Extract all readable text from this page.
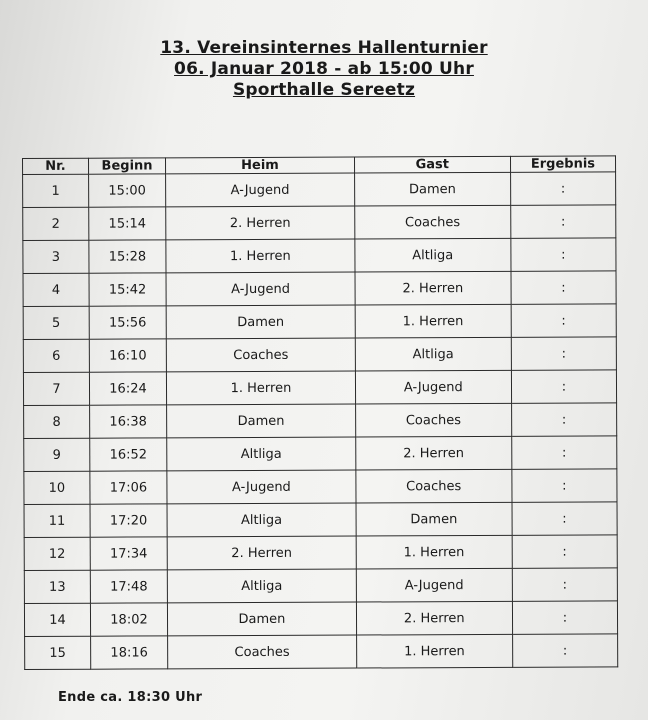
13. Vereinsinternes Hallenturnier
06. Januar 2018 - ab 15:00 Uhr
Sporthalle Sereetz
Nr.	Beginn	Heim	Gast	Ergebnis
1	15:00	A-Jugend	Damen	:
2	15:14	2. Herren	Coaches	:
3	15:28	1. Herren	Altliga	:
4	15:42	A-Jugend	2. Herren	:
5	15:56	Damen	1. Herren	:
6	16:10	Coaches	Altliga	:
7	16:24	1. Herren	A-Jugend	:
8	16:38	Damen	Coaches	:
9	16:52	Altliga	2. Herren	:
10	17:06	A-Jugend	Coaches	:
11	17:20	Altliga	Damen	:
12	17:34	2. Herren	1. Herren	:
13	17:48	Altliga	A-Jugend	:
14	18:02	Damen	2. Herren	:
15	18:16	Coaches	1. Herren	:
Ende ca. 18:30 Uhr
